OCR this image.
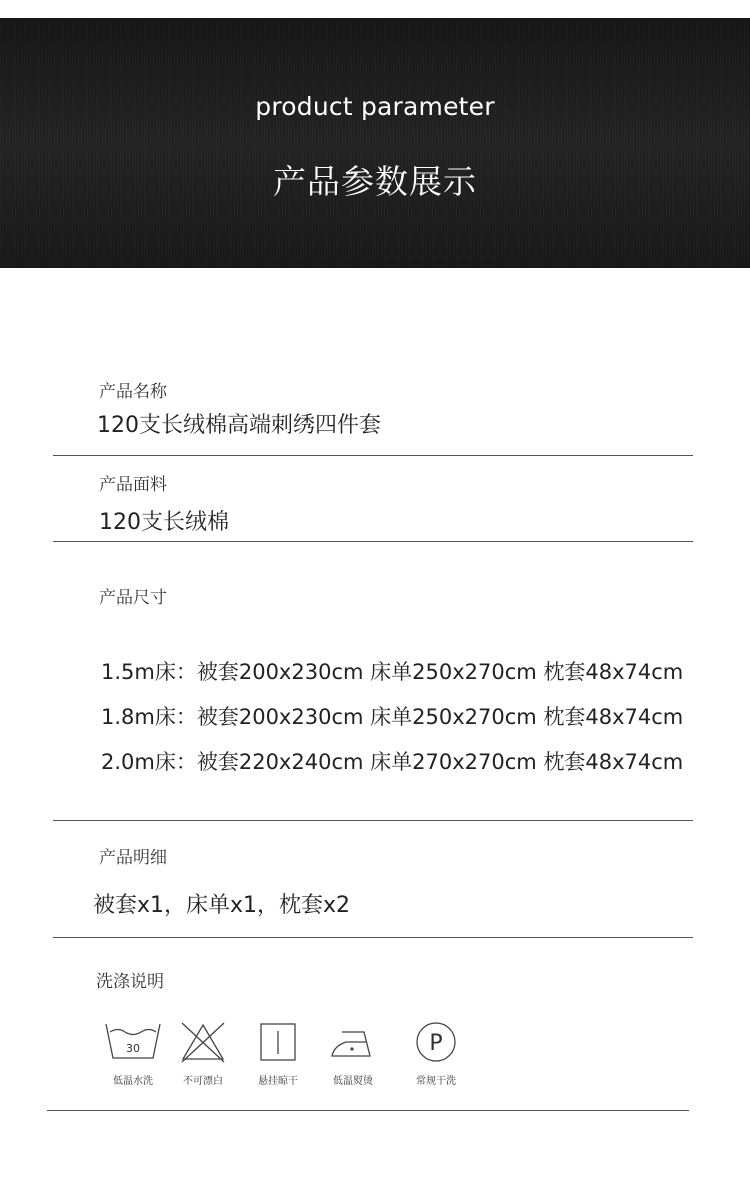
product parameter
产品参数展示
产品名称
120支长绒棉高端刺绣四件套
产品面料
120支长绒棉
产品尺寸
1.5m床：被套200x230cm 床单250x270cm 枕套48x74cm
1.8m床：被套200x230cm 床单250x270cm 枕套48x74cm
2.0m床：被套220x240cm 床单270x270cm 枕套48x74cm
产品明细
被套x1，床单x1，枕套x2
洗涤说明
30
低温水洗	不可漂白	悬挂晾干	低温熨烫
P
常规干洗
